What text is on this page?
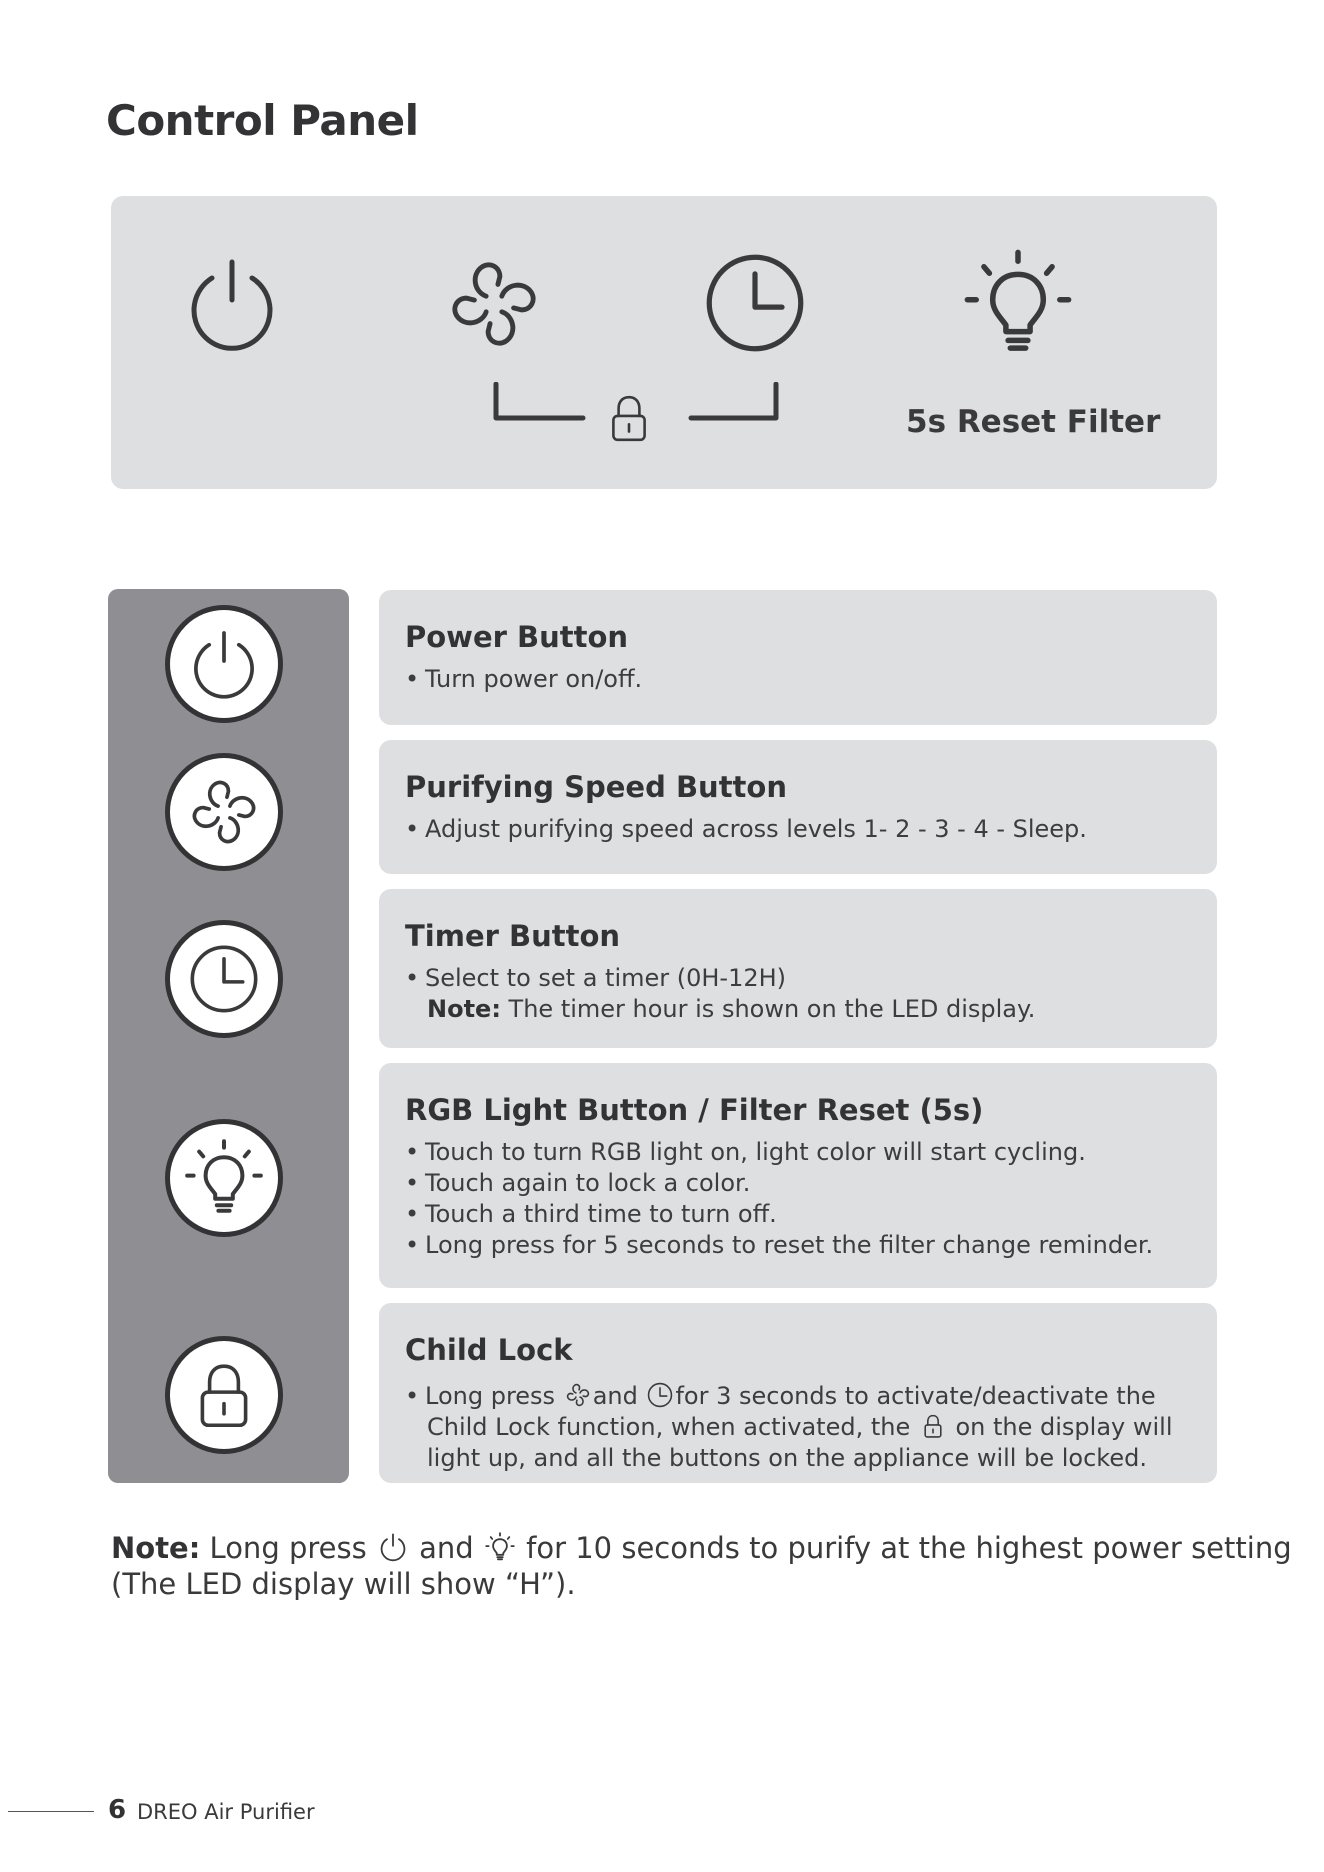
Control Panel
5s Reset Filter
Power Button
• Turn power on/off.
Purifying Speed Button
• Adjust purifying speed across levels 1- 2 - 3 - 4 - Sleep.
Timer Button
• Select to set a timer (0H-12H)
Note: The timer hour is shown on the LED display.
RGB Light Button / Filter Reset (5s)
• Touch to turn RGB light on, light color will start cycling.
• Touch again to lock a color.
• Touch a third time to turn off.
• Long press for 5 seconds to reset the filter change reminder.
Child Lock
• Long press and for 3 seconds to activate/deactivate the
Child Lock function, when activated, the  on the display will
light up, and all the buttons on the appliance will be locked.
Note: Long press  and  for 10 seconds to purify at the highest power setting
(The LED display will show “H”).
6 DREO Air Purifier
